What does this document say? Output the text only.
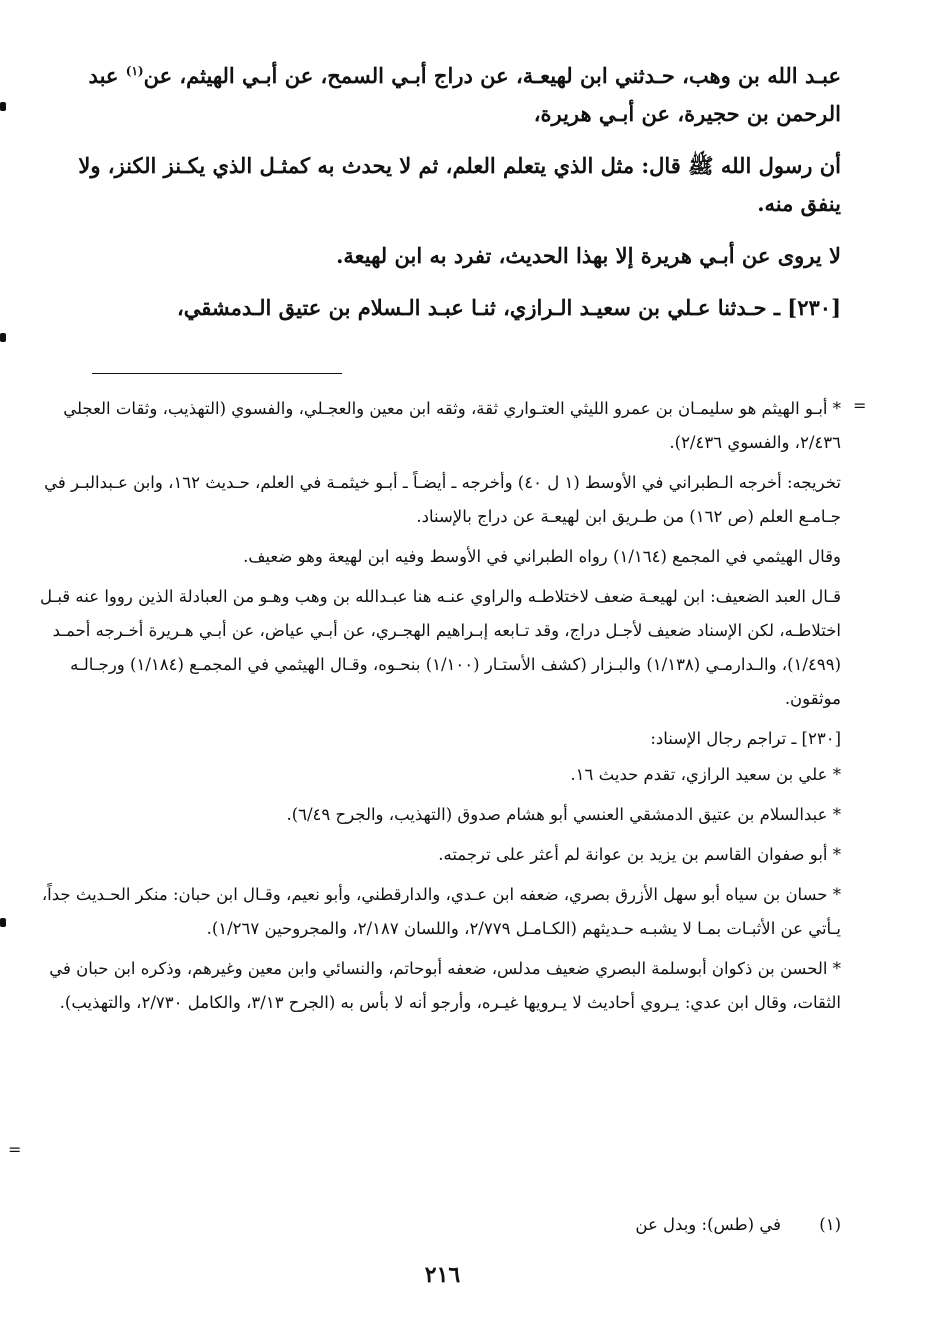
عبـد الله بن وهب، حـدثني ابن لهيعـة، عن دراج أبـي السمح، عن أبـي الهيثم، عن$^{(١)}$ عبد الرحمن بن حجيرة، عن أبـي هريرة،

أن رسول الله ﷺ قال: مثل الذي يتعلم العلم، ثم لا يحدث به كمثـل الذي يكـنز الكنز، ولا ينفق منه.

لا يروى عن أبـي هريرة إلا بهذا الحديث، تفرد به ابن لهيعة.

[٢٣٠] ـ حـدثنا عـلي بن سعيـد الـرازي، ثنـا عبـد الـسلام بن عتيق الـدمشقي،

* أبـو الهيثم هو سليمـان بن عمرو الليثي العتـواري ثقة، وثقه ابن معين والعجـلي، والفسوي (التهذيب، وثقات العجلي ٢/٤٣٦، والفسوي ٢/٤٣٦).

تخريجه: أخرجه الـطبراني في الأوسط (١ ل ٤٠) وأخرجه ـ أيضـاً ـ أبـو خيثمـة في العلم، حـديث ١٦٢، وابن عـبدالبـر في جـامـع العلم (ص ١٦٢) من طـريق ابن لهيعـة عن دراج بالإسناد.

وقال الهيثمي في المجمع (١/١٦٤) رواه الطبراني في الأوسط وفيه ابن لهيعة وهو ضعيف.

قـال العبد الضعيف: ابن لهيعـة ضعف لاختلاطـه والراوي عنـه هنا عبـدالله بن وهب وهـو من العبادلة الذين رووا عنه قبـل اختلاطـه، لكن الإسناد ضعيف لأجـل دراج، وقد تـابعه إبـراهيم الهجـري، عن أبـي عياض، عن أبـي هـريرة أخـرجه أحمـد (١/٤٩٩)، والـدارمـي (١/١٣٨) والبـزار (كشف الأستـار (١/١٠٠) بنحـوه، وقـال الهيثمي في المجمـع (١/١٨٤) ورجـالـه موثقون.

[٢٣٠] ـ تراجم رجال الإسناد:

* علي بن سعيد الرازي، تقدم حديث ١٦.

* عبدالسلام بن عتيق الدمشقي العنسي أبو هشام صدوق (التهذيب، والجرح ٦/٤٩).

* أبو صفوان القاسم بن يزيد بن عوانة لم أعثر على ترجمته.

* حسان بن سياه أبو سهل الأزرق بصري، ضعفه ابن عـدي، والدارقطني، وأبو نعيم، وقـال ابن حبان: منكر الحـديث جداً، يـأتي عن الأثبـات بمـا لا يشبـه حـديثهم (الكـامـل ٢/٧٧٩، واللسان ٢/١٨٧، والمجروحين ١/٢٦٧).

* الحسن بن ذكوان أبوسلمة البصري ضعيف مدلس، ضعفه أبوحاتم، والنسائي وابن معين وغيرهم، وذكره ابن حبان في الثقات، وقال ابن عدي: يـروي أحاديث لا يـرويها غيـره، وأرجو أنه لا بأس به (الجرح ٣/١٣، والكامل ٢/٧٣٠، والتهذيب).

(١)في (طس): وبدل عن
٢١٦
=
=
